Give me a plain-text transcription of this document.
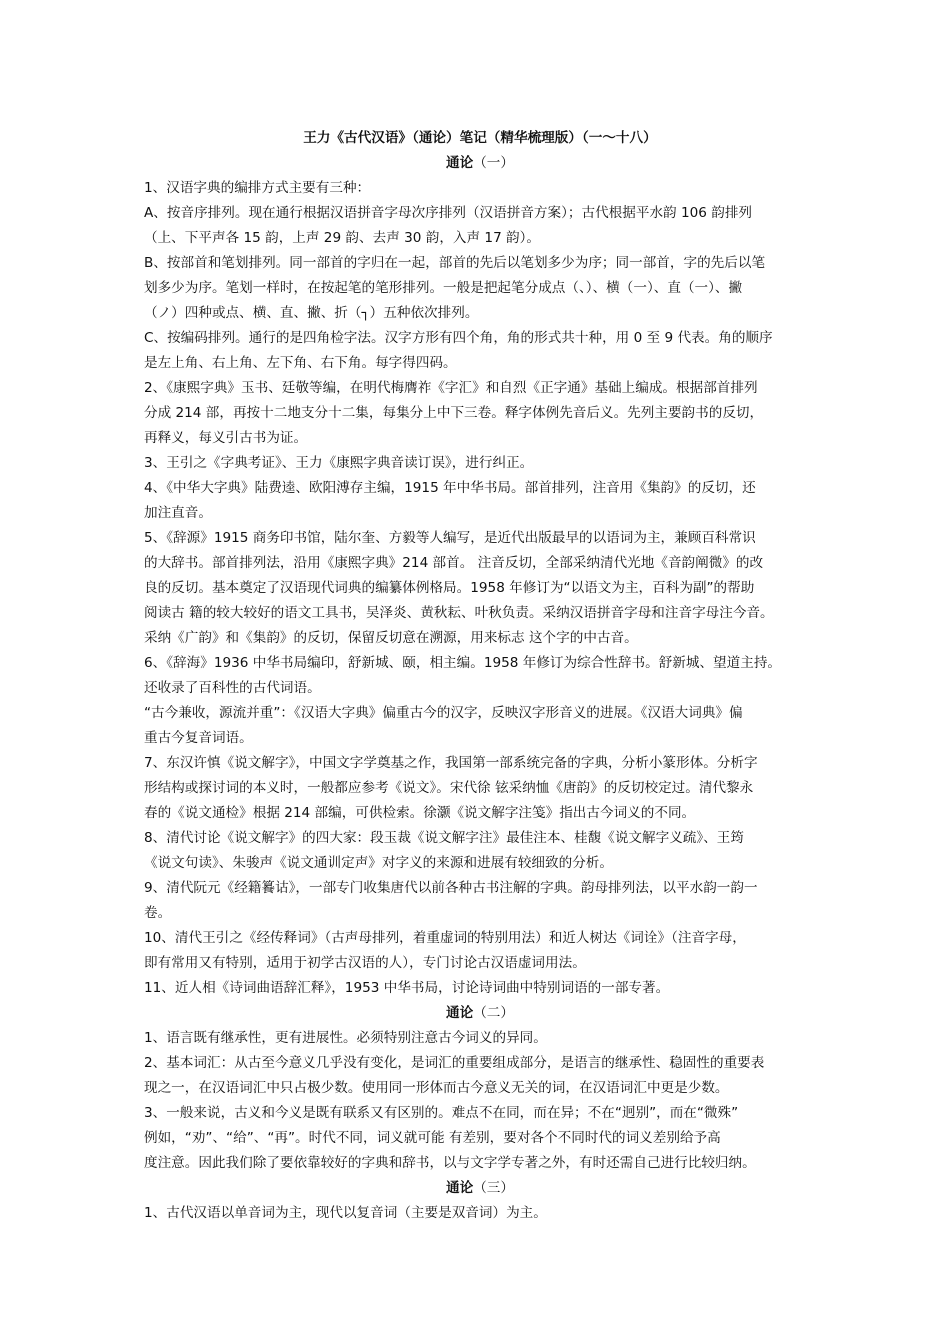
王力《古代汉语》（通论）笔记（精华梳理版）（一～十八）
通论（一）
1、汉语字典的编排方式主要有三种：
A、按音序排列。现在通行根据汉语拼音字母次序排列（汉语拼音方案）；古代根据平水韵 106 韵排列
（上、下平声各 15 韵，上声 29 韵、去声 30 韵，入声 17 韵）。
B、按部首和笔划排列。同一部首的字归在一起，部首的先后以笔划多少为序；同一部首，字的先后以笔
划多少为序。笔划一样时，在按起笔的笔形排列。一般是把起笔分成点（、）、横（一）、直（一）、撇
（ノ）四种或点、横、直、撇、折（┐）五种依次排列。
C、按编码排列。通行的是四角检字法。汉字方形有四个角，角的形式共十种，用 0 至 9 代表。角的顺序
是左上角、右上角、左下角、右下角。每字得四码。
2、《康熙字典》玉书、廷敬等编，在明代梅膺祚《字汇》和自烈《正字通》基础上编成。根据部首排列
分成 214 部，再按十二地支分十二集，每集分上中下三卷。释字体例先音后义。先列主要韵书的反切，
再释义，每义引古书为证。
3、王引之《字典考证》、王力《康熙字典音读订误》，进行纠正。
4、《中华大字典》陆费逵、欧阳溥存主编，1915 年中华书局。部首排列，注音用《集韵》的反切，还
加注直音。
5、《辞源》1915 商务印书馆，陆尔奎、方毅等人编写，是近代出版最早的以语词为主，兼顾百科常识
的大辞书。部首排列法，沿用《康熙字典》214 部首。 注音反切，全部采纳清代光地《音韵阐微》的改
良的反切。基本奠定了汉语现代词典的编纂体例格局。1958 年修订为“以语文为主，百科为副”的帮助
阅读古 籍的较大较好的语文工具书，吴泽炎、黄秋耘、叶秋负责。采纳汉语拼音字母和注音字母注今音。
采纳《广韵》和《集韵》的反切，保留反切意在溯源，用来标志 这个字的中古音。
6、《辞海》1936 中华书局编印，舒新城、颐，相主编。1958 年修订为综合性辞书。舒新城、望道主持。
还收录了百科性的古代词语。
“古今兼收，源流并重”：《汉语大字典》偏重古今的汉字，反映汉字形音义的进展。《汉语大词典》偏
重古今复音词语。
7、东汉许慎《说文解字》，中国文字学奠基之作，我国第一部系统完备的字典，分析小篆形体。分析字
形结构或探讨词的本义时，一般都应参考《说文》。宋代徐 铉采纳恤《唐韵》的反切校定过。清代黎永
春的《说文通检》根据 214 部编，可供检索。徐灏《说文解字注笺》指出古今词义的不同。
8、清代讨论《说文解字》的四大家：段玉裁《说文解字注》最佳注本、桂馥《说文解字义疏》、王筠
《说文句读》、朱骏声《说文通训定声》对字义的来源和进展有较细致的分析。
9、清代阮元《经籍籑诂》，一部专门收集唐代以前各种古书注解的字典。韵母排列法，以平水韵一韵一
卷。
10、清代王引之《经传释词》（古声母排列，着重虚词的特别用法）和近人树达《词诠》（注音字母，
即有常用又有特别，适用于初学古汉语的人），专门讨论古汉语虚词用法。
11、近人相《诗词曲语辞汇释》，1953 中华书局，讨论诗词曲中特别词语的一部专著。
通论（二）
1、语言既有继承性，更有进展性。必须特别注意古今词义的异同。
2、基本词汇：从古至今意义几乎没有变化，是词汇的重要组成部分，是语言的继承性、稳固性的重要表
现之一，在汉语词汇中只占极少数。使用同一形体而古今意义无关的词，在汉语词汇中更是少数。
3、一般来说，古义和今义是既有联系又有区别的。难点不在同，而在异；不在“迥别”，而在“微殊”
例如，“劝”、“给”、“再”。时代不同，词义就可能 有差别，要对各个不同时代的词义差别给予高
度注意。因此我们除了要依靠较好的字典和辞书，以与文字学专著之外，有时还需自己进行比较归纳。
通论（三）
1、古代汉语以单音词为主，现代以复音词（主要是双音词）为主。
